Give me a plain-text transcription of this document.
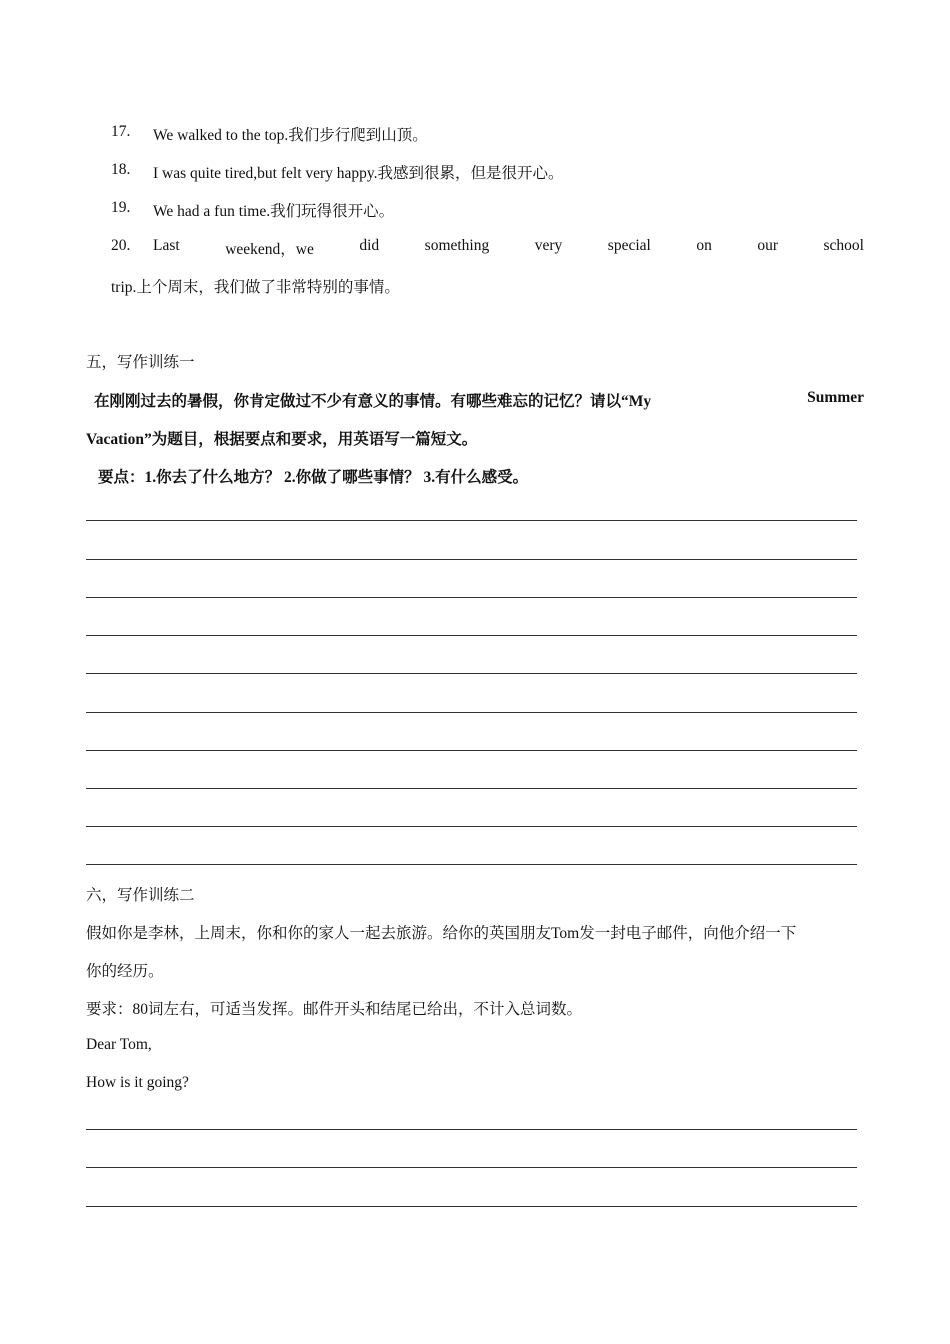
17. We walked to the top.我们步行爬到山顶。
18. I was quite tired,but felt very happy.我感到很累，但是很开心。
19. We had a fun time.我们玩得很开心。
20. Last	weekend，we	did	something	very	special	on	our	school
trip.上个周末，我们做了非常特别的事情。
五，写作训练一
在刚刚过去的暑假，你肯定做过不少有意义的事情。有哪些难忘的记忆？请以“My	Summer
Vacation”为题目，根据要点和要求，用英语写一篇短文。
要点：1.你去了什么地方？ 2.你做了哪些事情？ 3.有什么感受。
六，写作训练二
假如你是李林，上周末，你和你的家人一起去旅游。给你的英国朋友Tom发一封电子邮件，向他介绍一下
你的经历。
要求：80词左右，可适当发挥。邮件开头和结尾已给出，不计入总词数。
Dear Tom,
How is it going?
